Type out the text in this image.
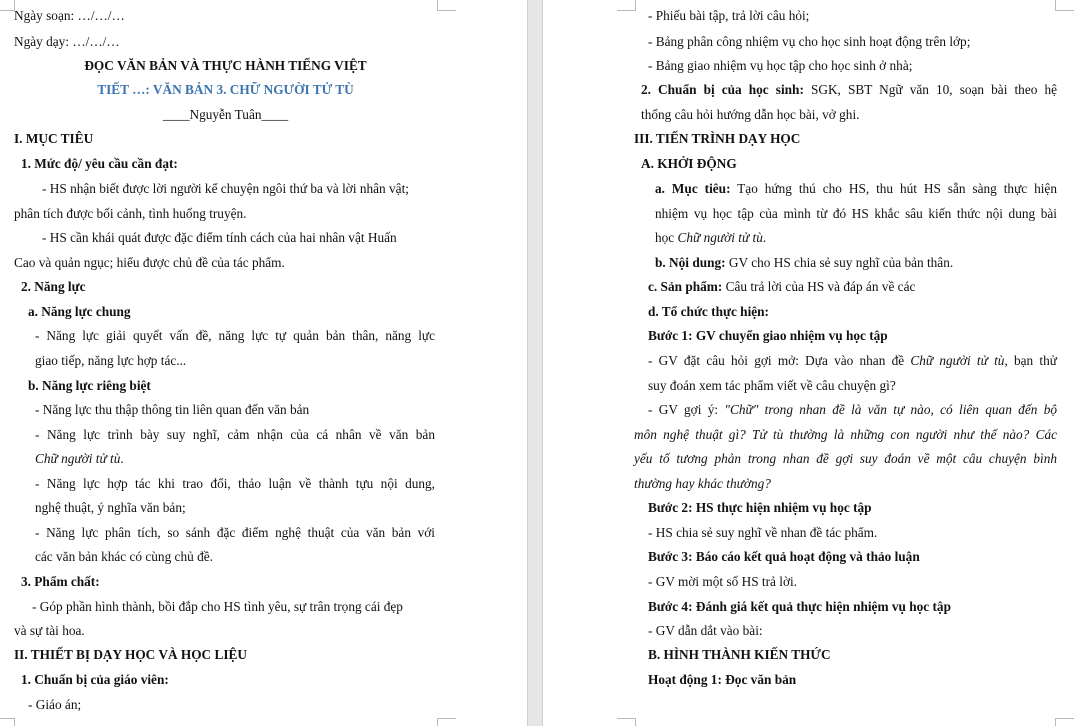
Ngày soạn: …/…/…
Ngày dạy: …/…/…
ĐỌC VĂN BẢN VÀ THỰC HÀNH TIẾNG VIỆT
TIẾT …: VĂN BẢN 3. CHỮ NGƯỜI TỬ TÙ
____Nguyễn Tuân____
I. MỤC TIÊU
1. Mức độ/ yêu cầu cần đạt:
- HS nhận biết được lời người kể chuyện ngôi thứ ba và lời nhân vật;
phân tích được bối cảnh, tình huống truyện.
- HS cần khái quát được đặc điểm tính cách của hai nhân vật Huấn
Cao và quản ngục; hiểu được chủ đề của tác phẩm.
2. Năng lực
a. Năng lực chung
- Năng lực giải quyết vấn đề, năng lực tự quản bản thân, năng lực
giao tiếp, năng lực hợp tác...
b. Năng lực riêng biệt
- Năng lực thu thập thông tin liên quan đến văn bản
- Năng lực trình bày suy nghĩ, cảm nhận của cá nhân về văn bản
Chữ người tử tù.
- Năng lực hợp tác khi trao đổi, thảo luận về thành tựu nội dung,
nghệ thuật, ý nghĩa văn bản;
- Năng lực phân tích, so sánh đặc điểm nghệ thuật của văn bản với
các văn bản khác có cùng chủ đề.
3. Phẩm chất:
- Góp phần hình thành, bồi đắp cho HS tình yêu, sự trân trọng cái đẹp
và sự tài hoa.
II. THIẾT BỊ DẠY HỌC VÀ HỌC LIỆU
1. Chuẩn bị của giáo viên:
- Giáo án;
- Phiếu bài tập, trả lời câu hỏi;
- Bảng phân công nhiệm vụ cho học sinh hoạt động trên lớp;
- Bảng giao nhiệm vụ học tập cho học sinh ở nhà;
2. Chuẩn bị của học sinh: SGK, SBT Ngữ văn 10, soạn bài theo hệ
thống câu hỏi hướng dẫn học bài, vở ghi.
III. TIẾN TRÌNH DẠY HỌC
A. KHỞI ĐỘNG
a. Mục tiêu: Tạo hứng thú cho HS, thu hút HS sẵn sàng thực hiện
nhiệm vụ học tập của mình từ đó HS khắc sâu kiến thức nội dung bài
học Chữ người tử tù.
b. Nội dung: GV cho HS chia sẻ suy nghĩ của bản thân.
c. Sản phẩm: Câu trả lời của HS và đáp án về các
d. Tổ chức thực hiện:
Bước 1: GV chuyển giao nhiệm vụ học tập
- GV đặt câu hỏi gợi mở: Dựa vào nhan đề Chữ người tử tù, bạn thử
suy đoán xem tác phẩm viết về câu chuyện gì?
- GV gợi ý: "Chữ" trong nhan đề là văn tự nào, có liên quan đến bộ
môn nghệ thuật gì? Tử tù thường là những con người như thế nào? Các
yếu tố tương phản trong nhan đề gợi suy đoán về một câu chuyện bình
thường hay khác thường?
Bước 2: HS thực hiện nhiệm vụ học tập
- HS chia sẻ suy nghĩ về nhan đề tác phẩm.
Bước 3: Báo cáo kết quả hoạt động và thảo luận
- GV mời một số HS trả lời.
Bước 4: Đánh giá kết quả thực hiện nhiệm vụ học tập
- GV dẫn dắt vào bài:
B. HÌNH THÀNH KIẾN THỨC
Hoạt động 1: Đọc văn bản
